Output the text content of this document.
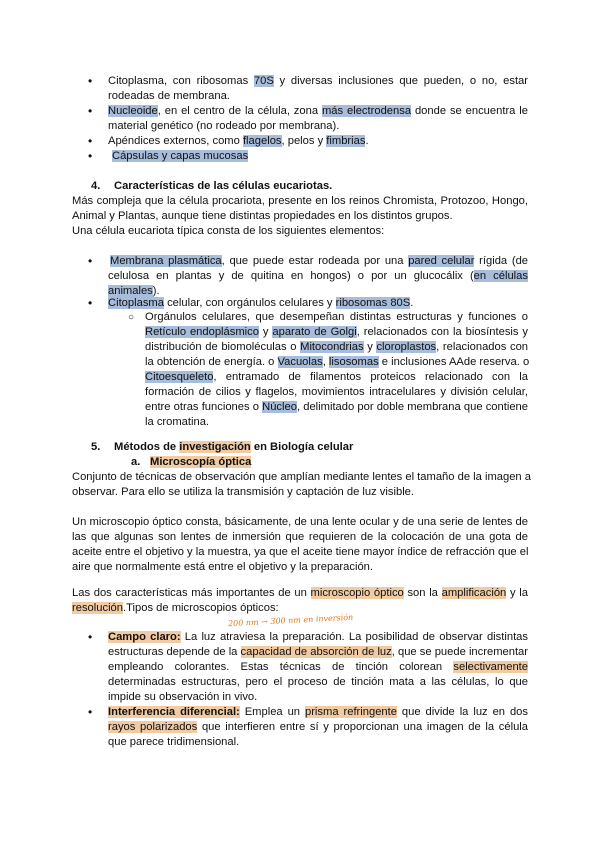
• Citoplasma, con ribosomas 70S y diversas inclusiones que pueden, o no, estar
rodeadas de membrana.
• Nucleoide, en el centro de la célula, zona más electrodensa donde se encuentra le
material genético (no rodeado por membrana).
• Apéndices externos, como flagelos, pelos y fimbrias.
• Cápsulas y capas mucosas
4. Características de las células eucariotas.
Más compleja que la célula procariota, presente en los reinos Chromista, Protozoo, Hongo,
Animal y Plantas, aunque tiene distintas propiedades en los distintos grupos.
Una célula eucariota típica consta de los siguientes elementos:
• Membrana plasmática, que puede estar rodeada por una pared celular rígida (de
celulosa en plantas y de quitina en hongos) o por un glucocálix (en células
animales).
• Citoplasma celular, con orgánulos celulares y ribosomas 80S.
○ Orgánulos celulares, que desempeñan distintas estructuras y funciones o
Retículo endoplásmico y aparato de Golgi, relacionados con la biosíntesis y
distribución de biomoléculas o Mitocondrias y cloroplastos, relacionados con
la obtención de energía. o Vacuolas, lisosomas e inclusiones AAde reserva. o
Citoesqueleto, entramado de filamentos proteicos relacionado con la
formación de cilios y flagelos, movimientos intracelulares y división celular,
entre otras funciones o Núcleo, delimitado por doble membrana que contiene
la cromatina.
5. Métodos de investigación en Biología celular
a. Microscopía óptica
Conjunto de técnicas de observación que amplían mediante lentes el tamaño de la imagen a
observar. Para ello se utiliza la transmisión y captación de luz visible.
Un microscopio óptico consta, básicamente, de una lente ocular y de una serie de lentes de
las que algunas son lentes de inmersión que requieren de la colocación de una gota de
aceite entre el objetivo y la muestra, ya que el aceite tiene mayor índice de refracción que el
aire que normalmente está entre el objetivo y la preparación.
Las dos características más importantes de un microscopio óptico son la amplificación y la
resolución.Tipos de microscopios ópticos:
200 nm → 300 nm en inversión
• Campo claro: La luz atraviesa la preparación. La posibilidad de observar distintas
estructuras depende de la capacidad de absorción de luz, que se puede incrementar
empleando colorantes. Estas técnicas de tinción colorean selectivamente
determinadas estructuras, pero el proceso de tinción mata a las células, lo que
impide su observación in vivo.
• Interferencia diferencial: Emplea un prisma refringente que divide la luz en dos
rayos polarizados que interfieren entre sí y proporcionan una imagen de la célula
que parece tridimensional.
